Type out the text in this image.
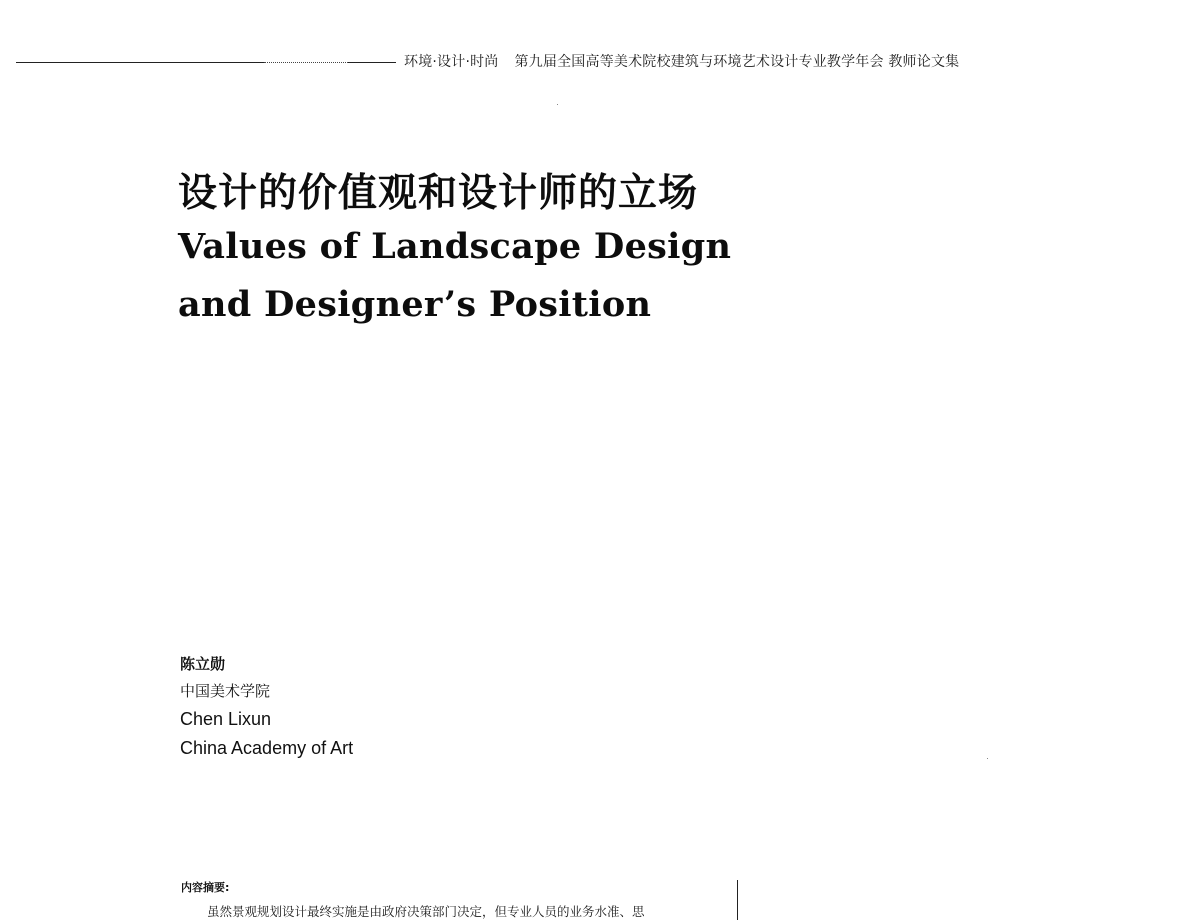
环境·设计·时尚 第九届全国高等美术院校建筑与环境艺术设计专业教学年会 教师论文集
设计的价值观和设计师的立场
Values of Landscape Design
and Designer’s Position
陈立勋
中国美术学院
Chen Lixun
China Academy of Art
内容摘要:
虽然景观规划设计最终实施是由政府决策部门决定，但专业人员的业务水准、思
